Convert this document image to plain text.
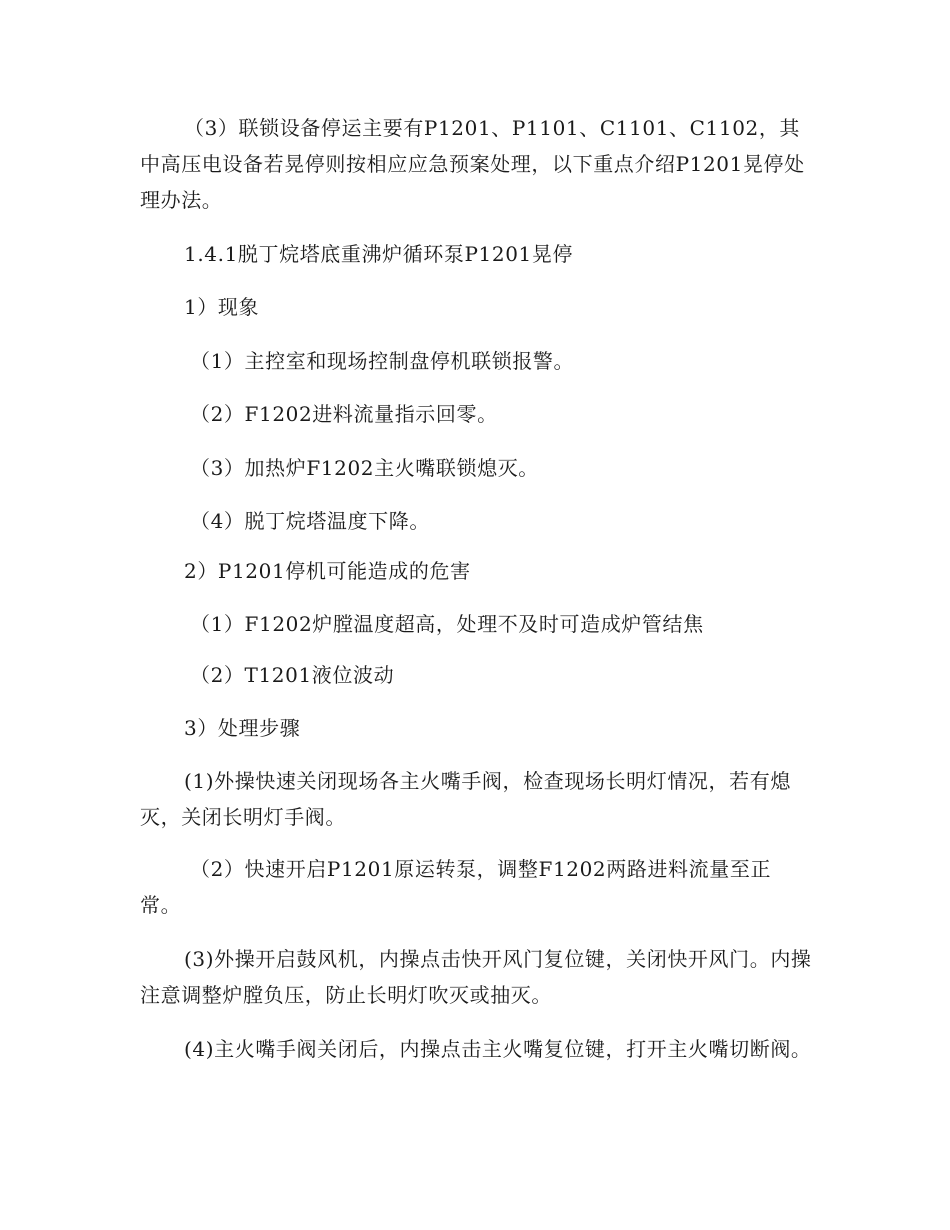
（3）联锁设备停运主要有P1201、P1101、C1101、C1102，其中高压电设备若晃停则按相应应急预案处理，以下重点介绍P1201晃停处理办法。

1.4.1脱丁烷塔底重沸炉循环泵P1201晃停

1）现象

（1）主控室和现场控制盘停机联锁报警。

（2）F1202进料流量指示回零。

（3）加热炉F1202主火嘴联锁熄灭。

（4）脱丁烷塔温度下降。

2）P1201停机可能造成的危害

（1）F1202炉膛温度超高，处理不及时可造成炉管结焦

（2）T1201液位波动

3）处理步骤

(1)外操快速关闭现场各主火嘴手阀，检查现场长明灯情况，若有熄灭，关闭长明灯手阀。

（2）快速开启P1201原运转泵，调整F1202两路进料流量至正常。

(3)外操开启鼓风机，内操点击快开风门复位键，关闭快开风门。内操注意调整炉膛负压，防止长明灯吹灭或抽灭。

(4)主火嘴手阀关闭后，内操点击主火嘴复位键，打开主火嘴切断阀。
